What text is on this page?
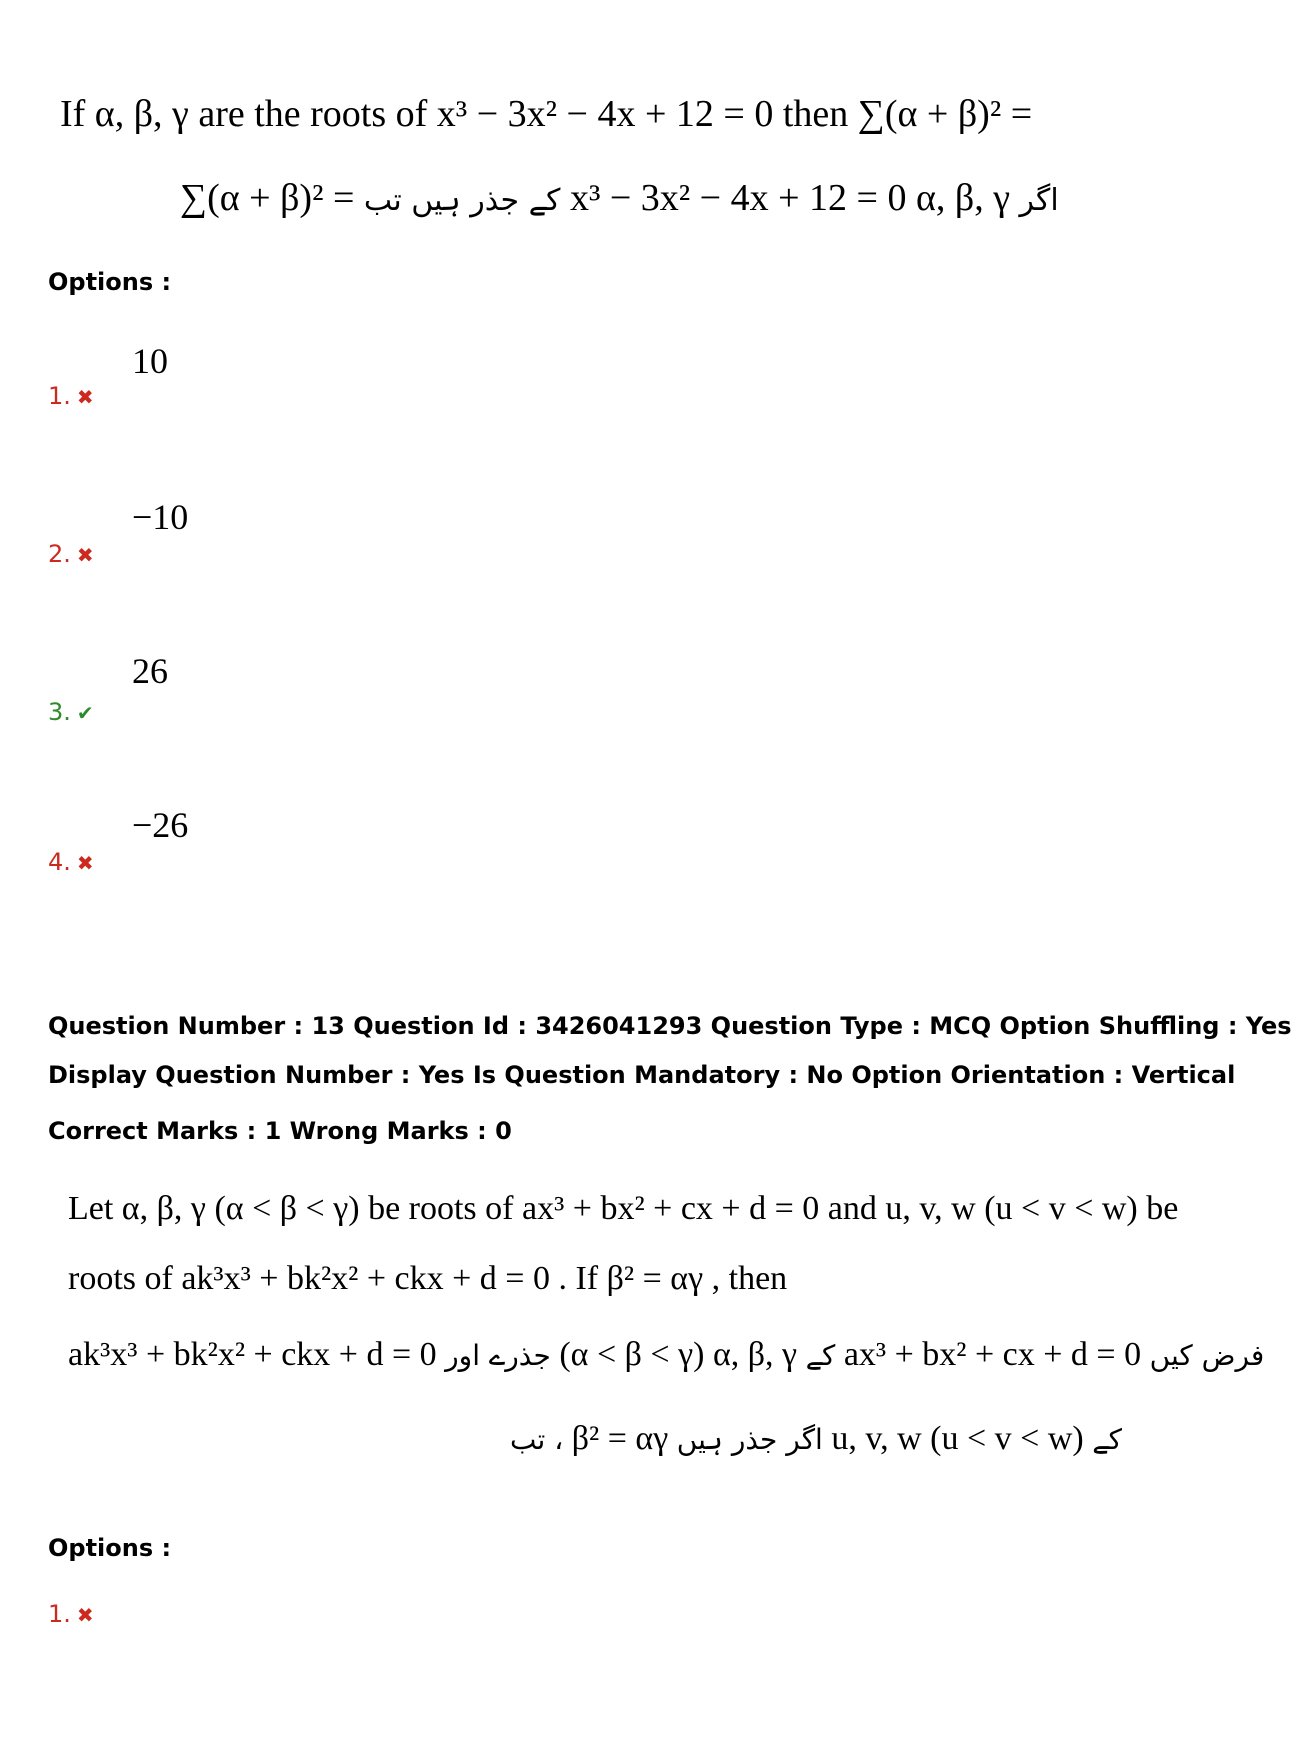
If α, β, γ are the roots of x³ − 3x² − 4x + 12 = 0 then ∑(α + β)² =
∑(α + β)² = کے جذر ہیں تب x³ − 3x² − 4x + 12 = 0 α, β, γ اگر
Options :
10
1. ✖
−10
2. ✖
26
3. ✔
−26
4. ✖
Question Number : 13 Question Id : 3426041293 Question Type : MCQ Option Shuffling : Yes
Display Question Number : Yes Is Question Mandatory : No Option Orientation : Vertical
Correct Marks : 1 Wrong Marks : 0
Let α, β, γ (α < β < γ) be roots of ax³ + bx² + cx + d = 0 and u, v, w (u < v < w) be
roots of ak³x³ + bk²x² + ckx + d = 0 . If β² = αγ , then
ak³x³ + bk²x² + ckx + d = 0 جذرے اور (α < β < γ) α, β, γ کے ax³ + bx² + cx + d = 0 فرض کیں
تب ، β² = αγ اگر جذر ہیں u, v, w (u < v < w) کے
Options :
1. ✖
